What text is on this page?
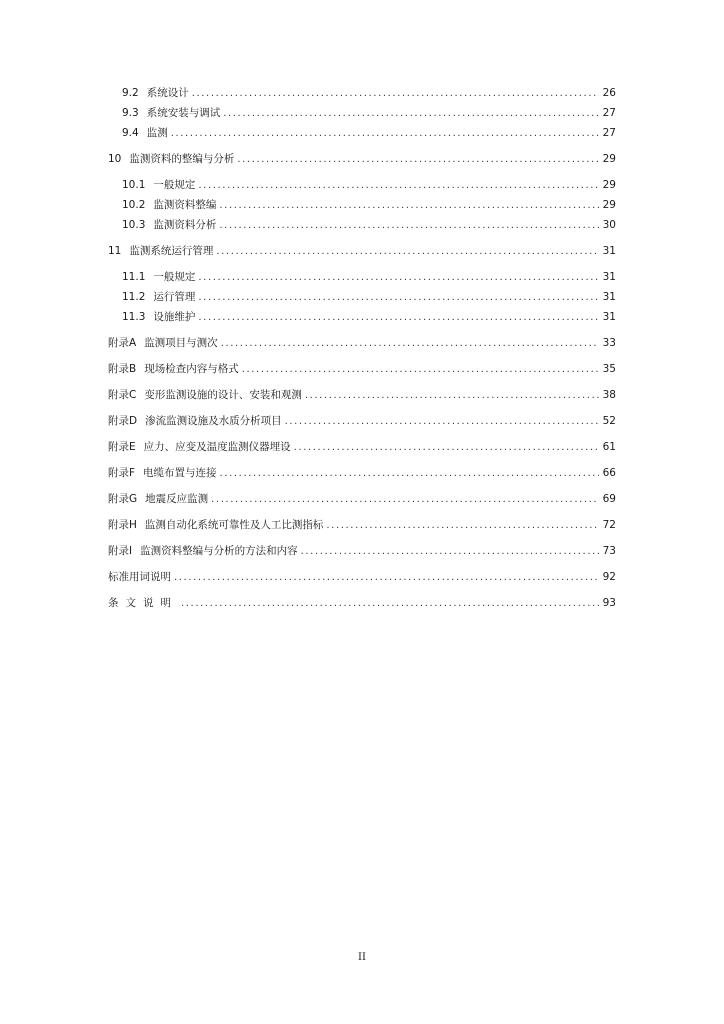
9.2 系统设计 .....	26
9.3 系统安装与调试 .....	27
9.4 监测 .....	27
10 监测资料的整编与分析 .....	29
10.1 一般规定 .....	29
10.2 监测资料整编 .....	29
10.3 监测资料分析 .....	30
11 监测系统运行管理 .....	31
11.1 一般规定 .....	31
11.2 运行管理 .....	31
11.3 设施维护 .....	31
附录A 监测项目与测次 .....	33
附录B 现场检查内容与格式 .....	35
附录C 变形监测设施的设计、安装和观测 .....	38
附录D 渗流监测设施及水质分析项目 .....	52
附录E 应力、应变及温度监测仪器埋设 .....	61
附录F 电缆布置与连接 .....	66
附录G 地震反应监测 .....	69
附录H 监测自动化系统可靠性及人工比测指标 .....	72
附录I 监测资料整编与分析的方法和内容 .....	73
标准用词说明 .....	92
条文说明 .....	93
II
